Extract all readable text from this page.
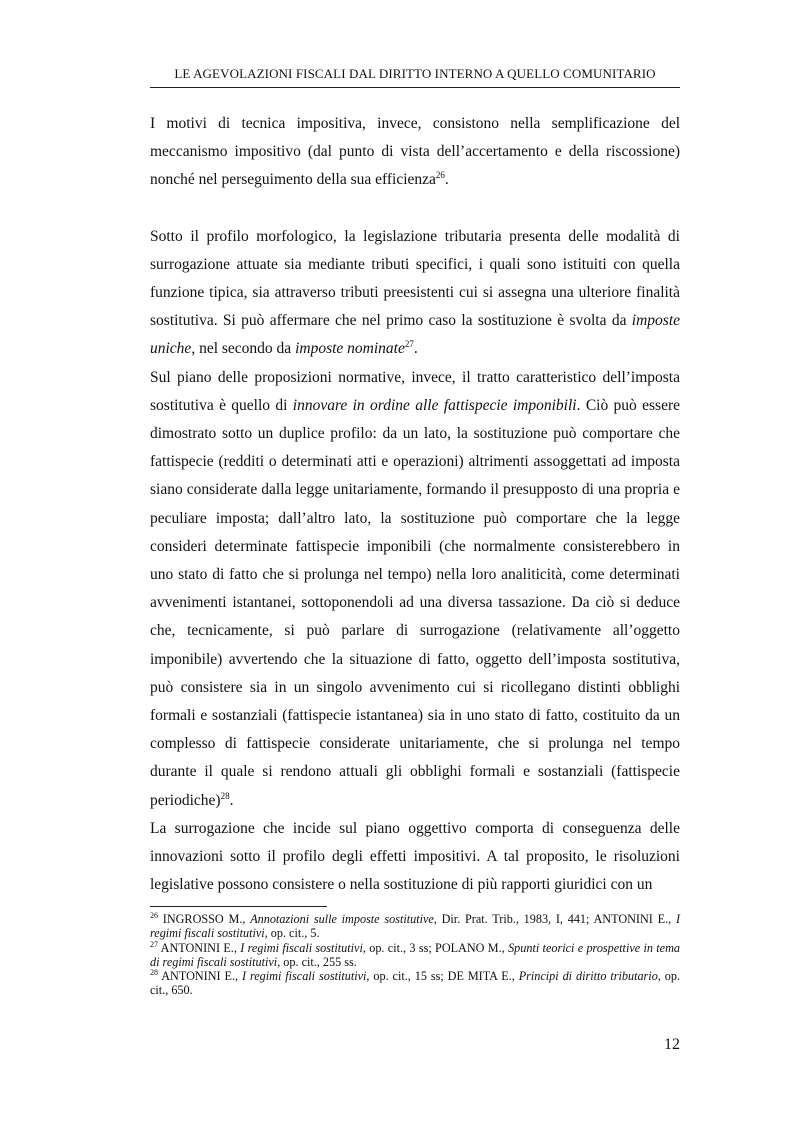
LE AGEVOLAZIONI FISCALI DAL DIRITTO INTERNO A QUELLO COMUNITARIO

I motivi di tecnica impositiva, invece, consistono nella semplificazione del meccanismo impositivo (dal punto di vista dell’accertamento e della riscossione) nonché nel perseguimento della sua efficienza$^{26}$.

Sotto il profilo morfologico, la legislazione tributaria presenta delle modalità di surrogazione attuate sia mediante tributi specifici, i quali sono istituiti con quella funzione tipica, sia attraverso tributi preesistenti cui si assegna una ulteriore finalità sostitutiva. Si può affermare che nel primo caso la sostituzione è svolta da imposte uniche, nel secondo da imposte nominate$^{27}$.

Sul piano delle proposizioni normative, invece, il tratto caratteristico dell’imposta sostitutiva è quello di innovare in ordine alle fattispecie imponibili. Ciò può essere dimostrato sotto un duplice profilo: da un lato, la sostituzione può comportare che fattispecie (redditi o determinati atti e operazioni) altrimenti assoggettati ad imposta siano considerate dalla legge unitariamente, formando il presupposto di una propria e peculiare imposta; dall’altro lato, la sostituzione può comportare che la legge consideri determinate fattispecie imponibili (che normalmente consisterebbero in uno stato di fatto che si prolunga nel tempo) nella loro analiticità, come determinati avvenimenti istantanei, sottoponendoli ad una diversa tassazione. Da ciò si deduce che, tecnicamente, si può parlare di surrogazione (relativamente all’oggetto imponibile) avvertendo che la situazione di fatto, oggetto dell’imposta sostitutiva, può consistere sia in un singolo avvenimento cui si ricollegano distinti obblighi formali e sostanziali (fattispecie istantanea) sia in uno stato di fatto, costituito da un complesso di fattispecie considerate unitariamente, che si prolunga nel tempo durante il quale si rendono attuali gli obblighi formali e sostanziali (fattispecie periodiche)$^{28}$.

La surrogazione che incide sul piano oggettivo comporta di conseguenza delle innovazioni sotto il profilo degli effetti impositivi. A tal proposito, le risoluzioni legislative possono consistere o nella sostituzione di più rapporti giuridici con un

$^{26}$ INGROSSO M., Annotazioni sulle imposte sostitutive, Dir. Prat. Trib., 1983, I, 441; ANTONINI E., I regimi fiscali sostitutivi, op. cit., 5.

$^{27}$ ANTONINI E., I regimi fiscali sostitutivi, op. cit., 3 ss; POLANO M., Spunti teorici e prospettive in tema di regimi fiscali sostitutivi, op. cit., 255 ss.

$^{28}$ ANTONINI E., I regimi fiscali sostitutivi, op. cit., 15 ss; DE MITA E., Principi di diritto tributario, op. cit., 650.

12
